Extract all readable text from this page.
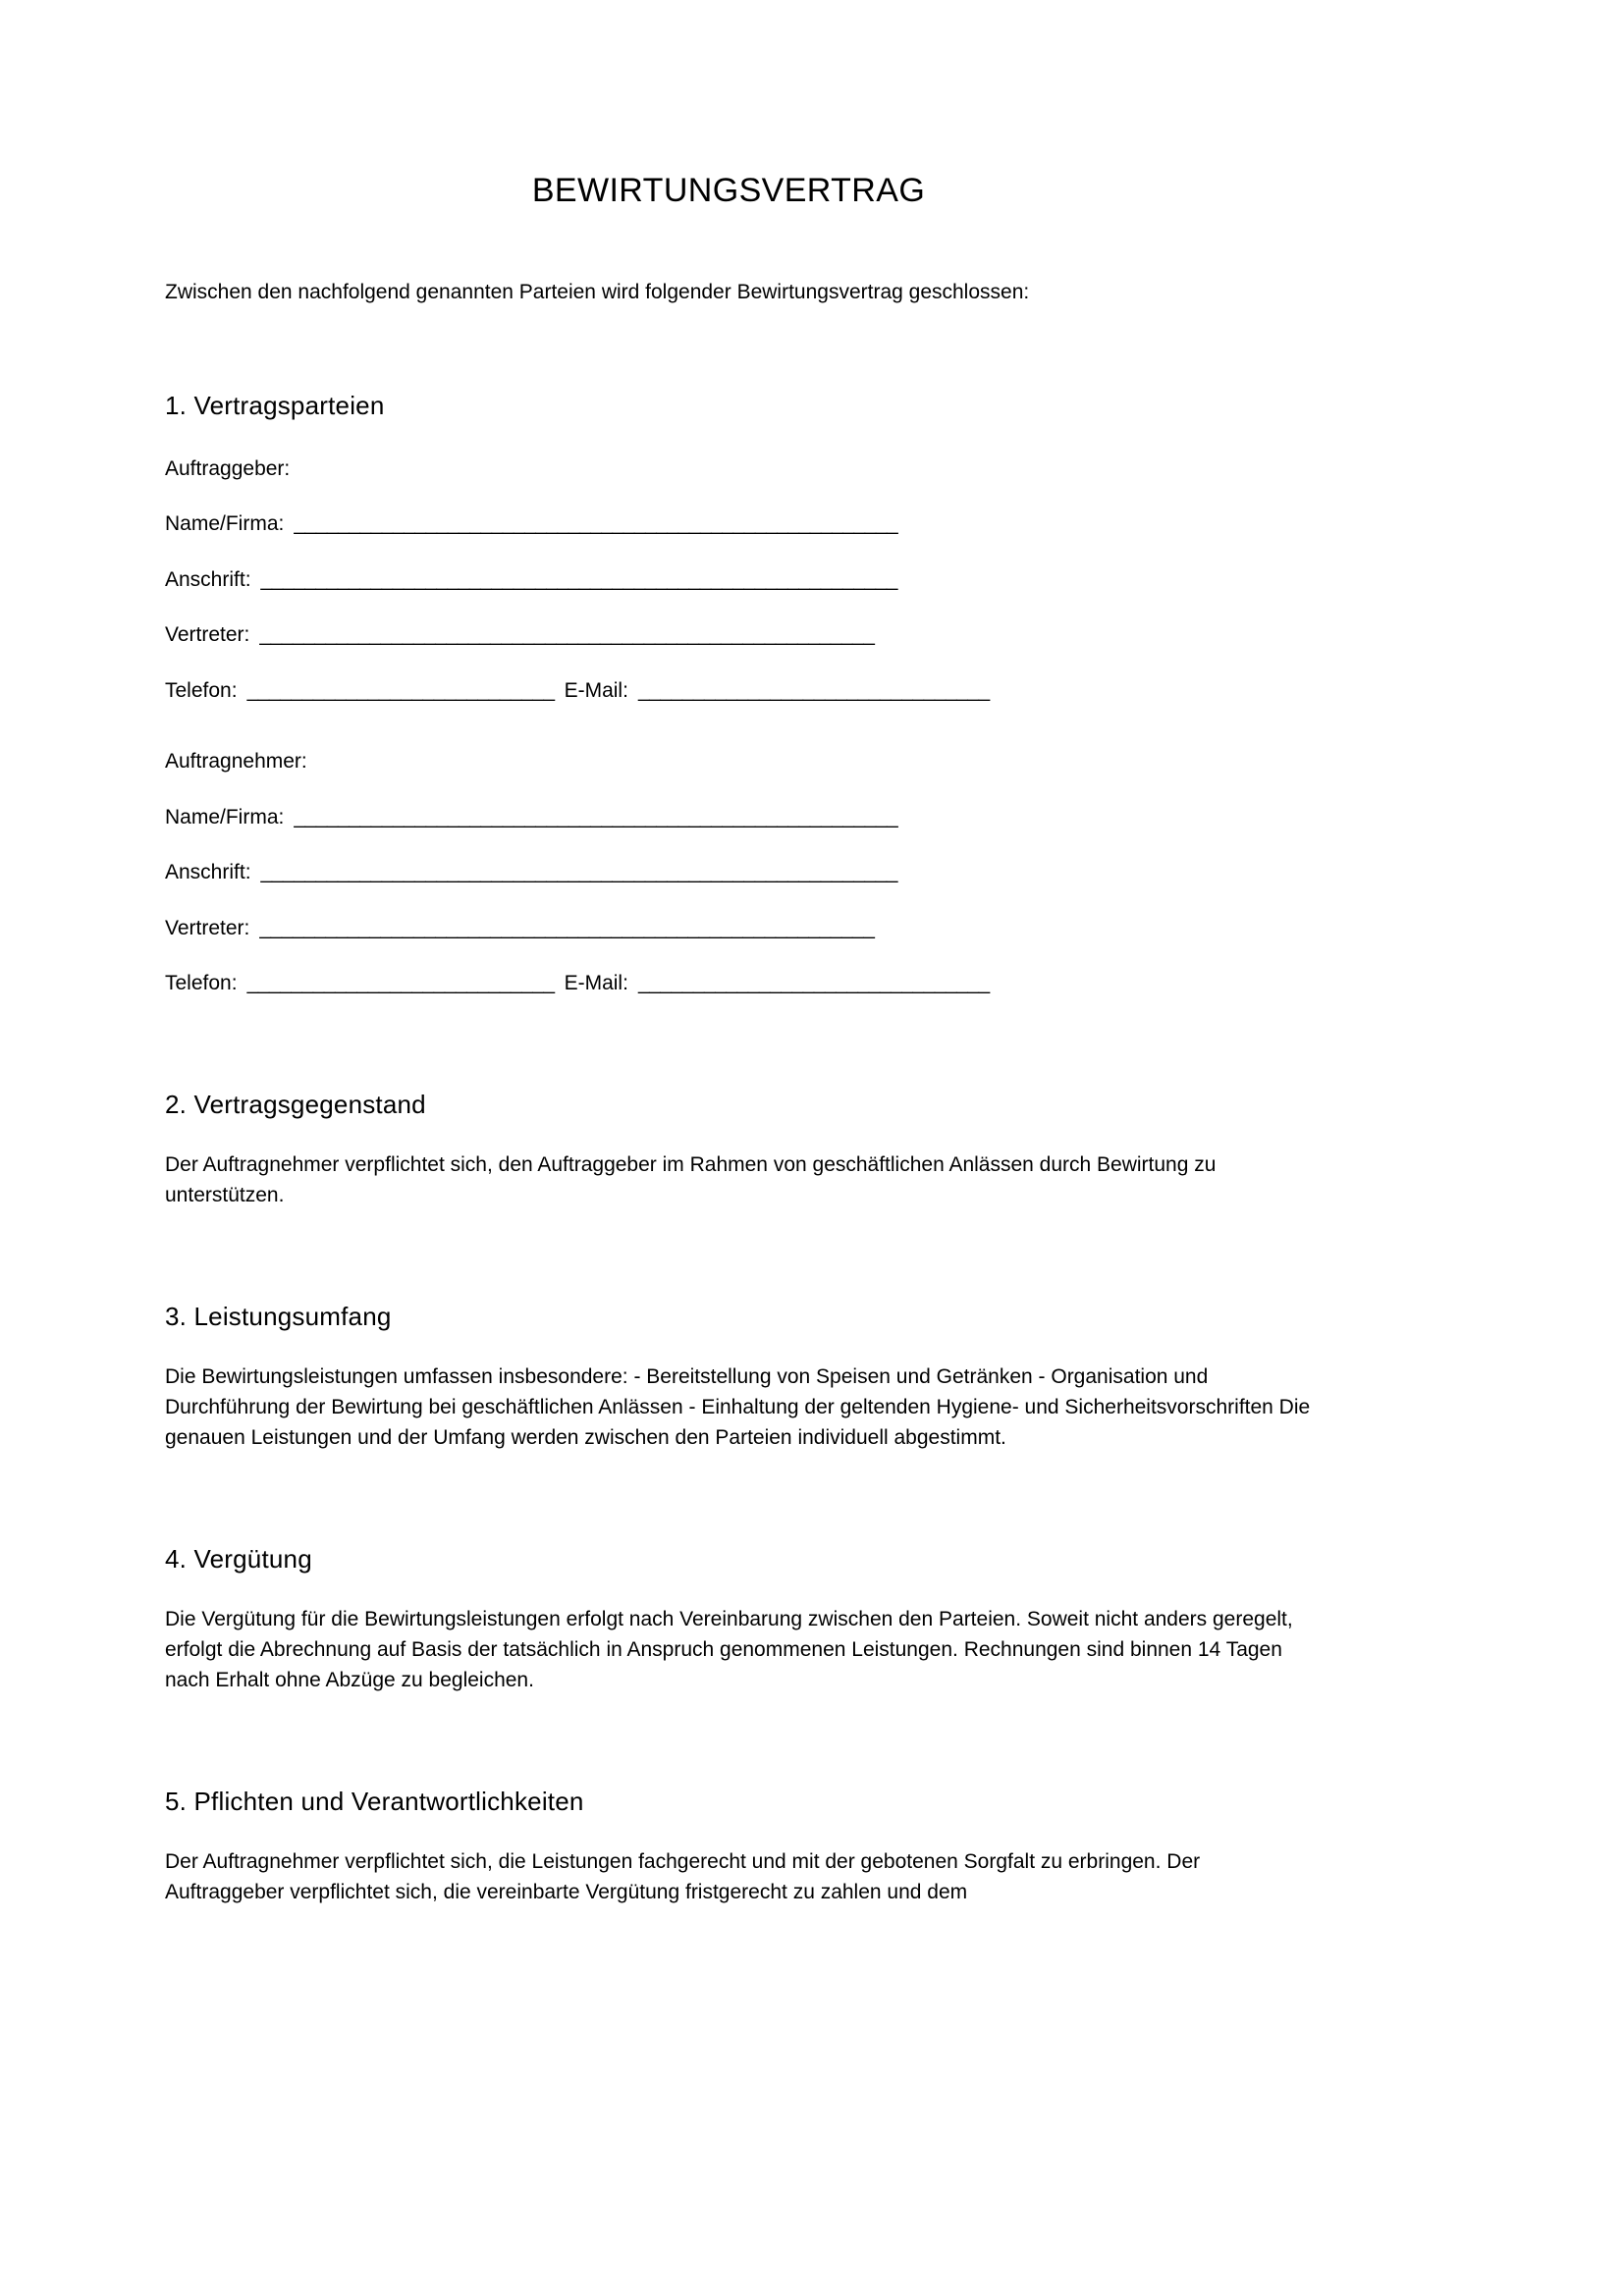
BEWIRTUNGSVERTRAG

Zwischen den nachfolgend genannten Parteien wird folgender Bewirtungsvertrag geschlossen:

1. Vertragsparteien

Auftraggeber:

Name/Firma: _______________________________________________________

Anschrift: __________________________________________________________

Vertreter: ________________________________________________________

Telefon: ____________________________ E-Mail: ________________________________

Auftragnehmer:

Name/Firma: _______________________________________________________

Anschrift: __________________________________________________________

Vertreter: ________________________________________________________

Telefon: ____________________________ E-Mail: ________________________________

2. Vertragsgegenstand

Der Auftragnehmer verpflichtet sich, den Auftraggeber im Rahmen von geschäftlichen Anlässen durch Bewirtung zu unterstützen.

3. Leistungsumfang

Die Bewirtungsleistungen umfassen insbesondere: - Bereitstellung von Speisen und Getränken - Organisation und Durchführung der Bewirtung bei geschäftlichen Anlässen - Einhaltung der geltenden Hygiene- und Sicherheitsvorschriften Die genauen Leistungen und der Umfang werden zwischen den Parteien individuell abgestimmt.

4. Vergütung

Die Vergütung für die Bewirtungsleistungen erfolgt nach Vereinbarung zwischen den Parteien. Soweit nicht anders geregelt, erfolgt die Abrechnung auf Basis der tatsächlich in Anspruch genommenen Leistungen. Rechnungen sind binnen 14 Tagen nach Erhalt ohne Abzüge zu begleichen.

5. Pflichten und Verantwortlichkeiten

Der Auftragnehmer verpflichtet sich, die Leistungen fachgerecht und mit der gebotenen Sorgfalt zu erbringen. Der Auftraggeber verpflichtet sich, die vereinbarte Vergütung fristgerecht zu zahlen und dem
